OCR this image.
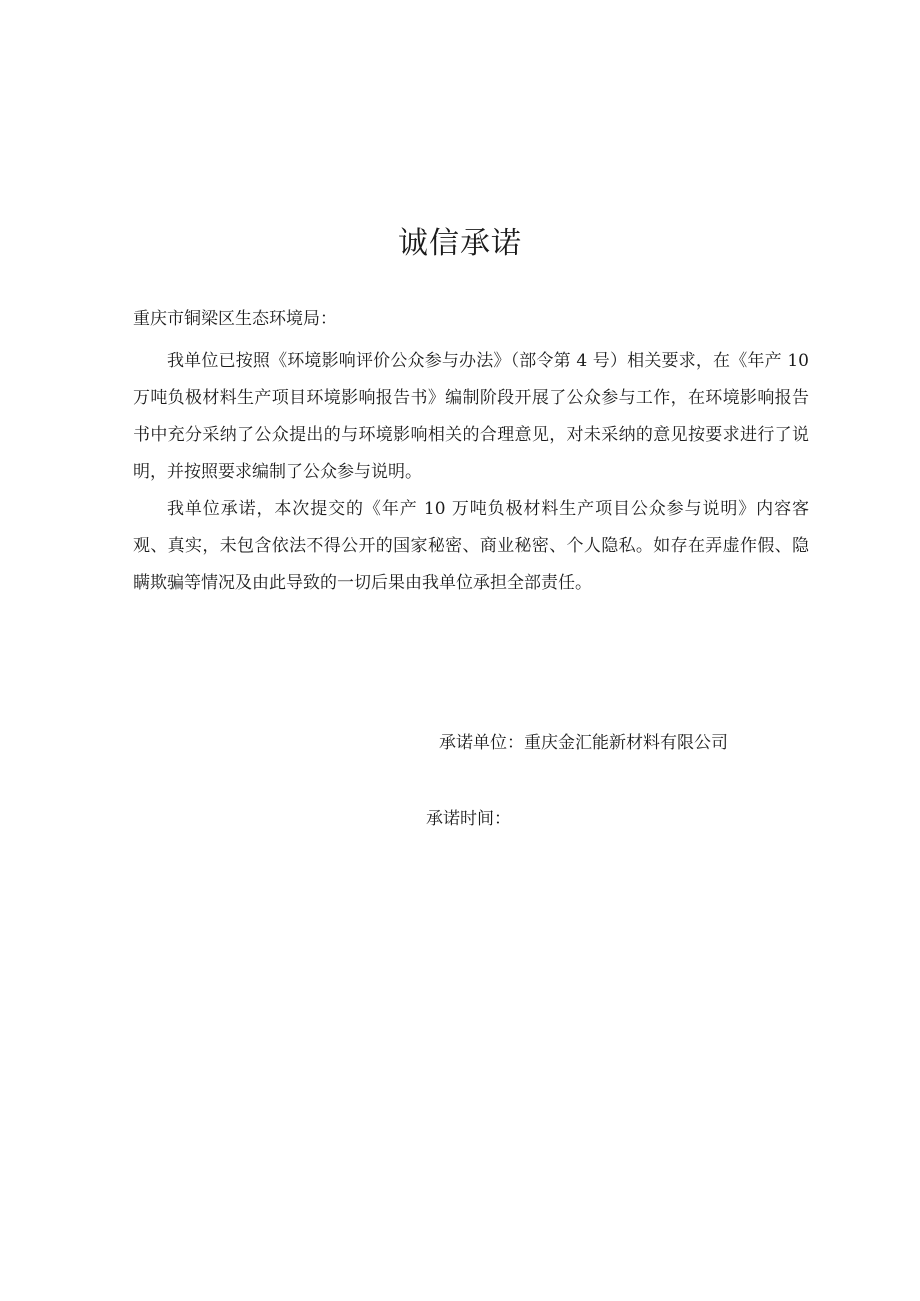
诚信承诺
重庆市铜梁区生态环境局：

我单位已按照《环境影响评价公众参与办法》（部令第 4 号）相关要求，在《年产 10 万吨负极材料生产项目环境影响报告书》编制阶段开展了公众参与工作，在环境影响报告书中充分采纳了公众提出的与环境影响相关的合理意见，对未采纳的意见按要求进行了说明，并按照要求编制了公众参与说明。

我单位承诺，本次提交的《年产 10 万吨负极材料生产项目公众参与说明》内容客观、真实，未包含依法不得公开的国家秘密、商业秘密、个人隐私。如存在弄虚作假、隐瞒欺骗等情况及由此导致的一切后果由我单位承担全部责任。

承诺单位：重庆金汇能新材料有限公司
承诺时间：
